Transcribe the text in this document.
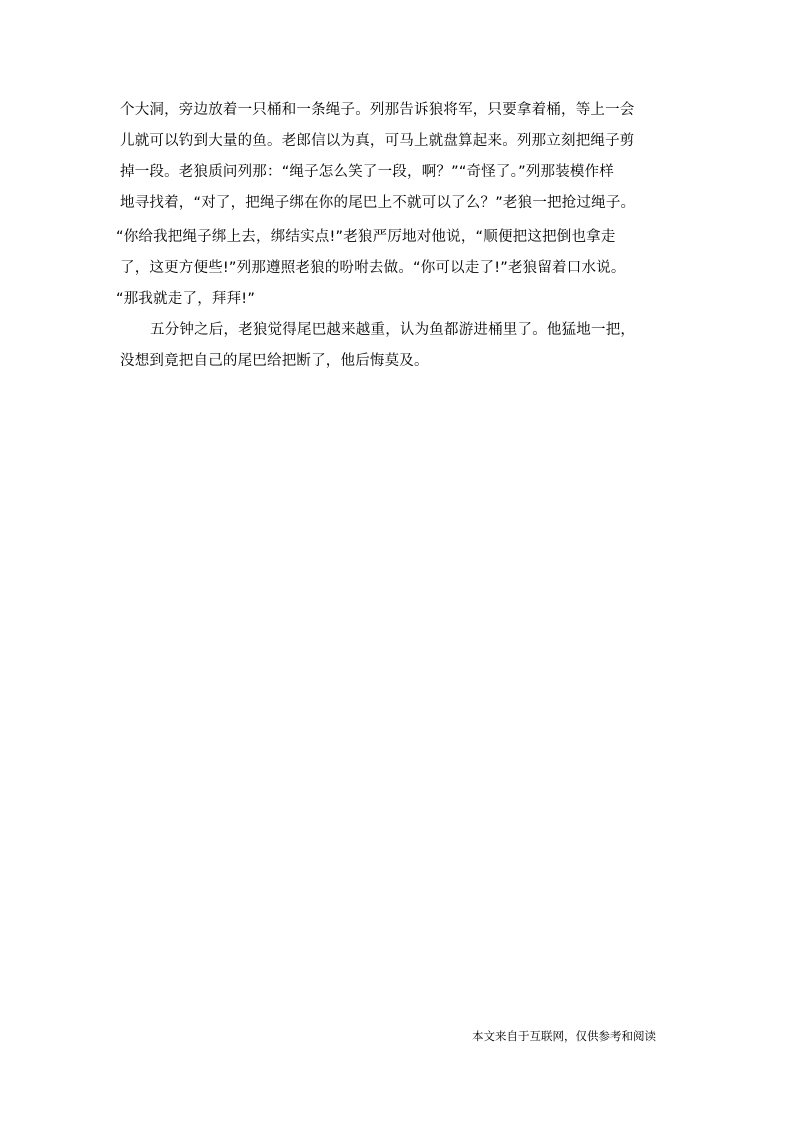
个大洞，旁边放着一只桶和一条绳子。列那告诉狼将军，只要拿着桶，等上一会
儿就可以钓到大量的鱼。老郎信以为真，可马上就盘算起来。列那立刻把绳子剪
掉一段。老狼质问列那：“绳子怎么笑了一段，啊？”“奇怪了。”列那装模作样
地寻找着，“对了，把绳子绑在你的尾巴上不就可以了么？”老狼一把抢过绳子。
“你给我把绳子绑上去，绑结实点!”老狼严厉地对他说，“顺便把这把倒也拿走
了，这更方便些!”列那遵照老狼的吩咐去做。“你可以走了!”老狼留着口水说。
“那我就走了，拜拜!”
五分钟之后，老狼觉得尾巴越来越重，认为鱼都游进桶里了。他猛地一把，
没想到竟把自己的尾巴给把断了，他后悔莫及。
本文来自于互联网，仅供参考和阅读
